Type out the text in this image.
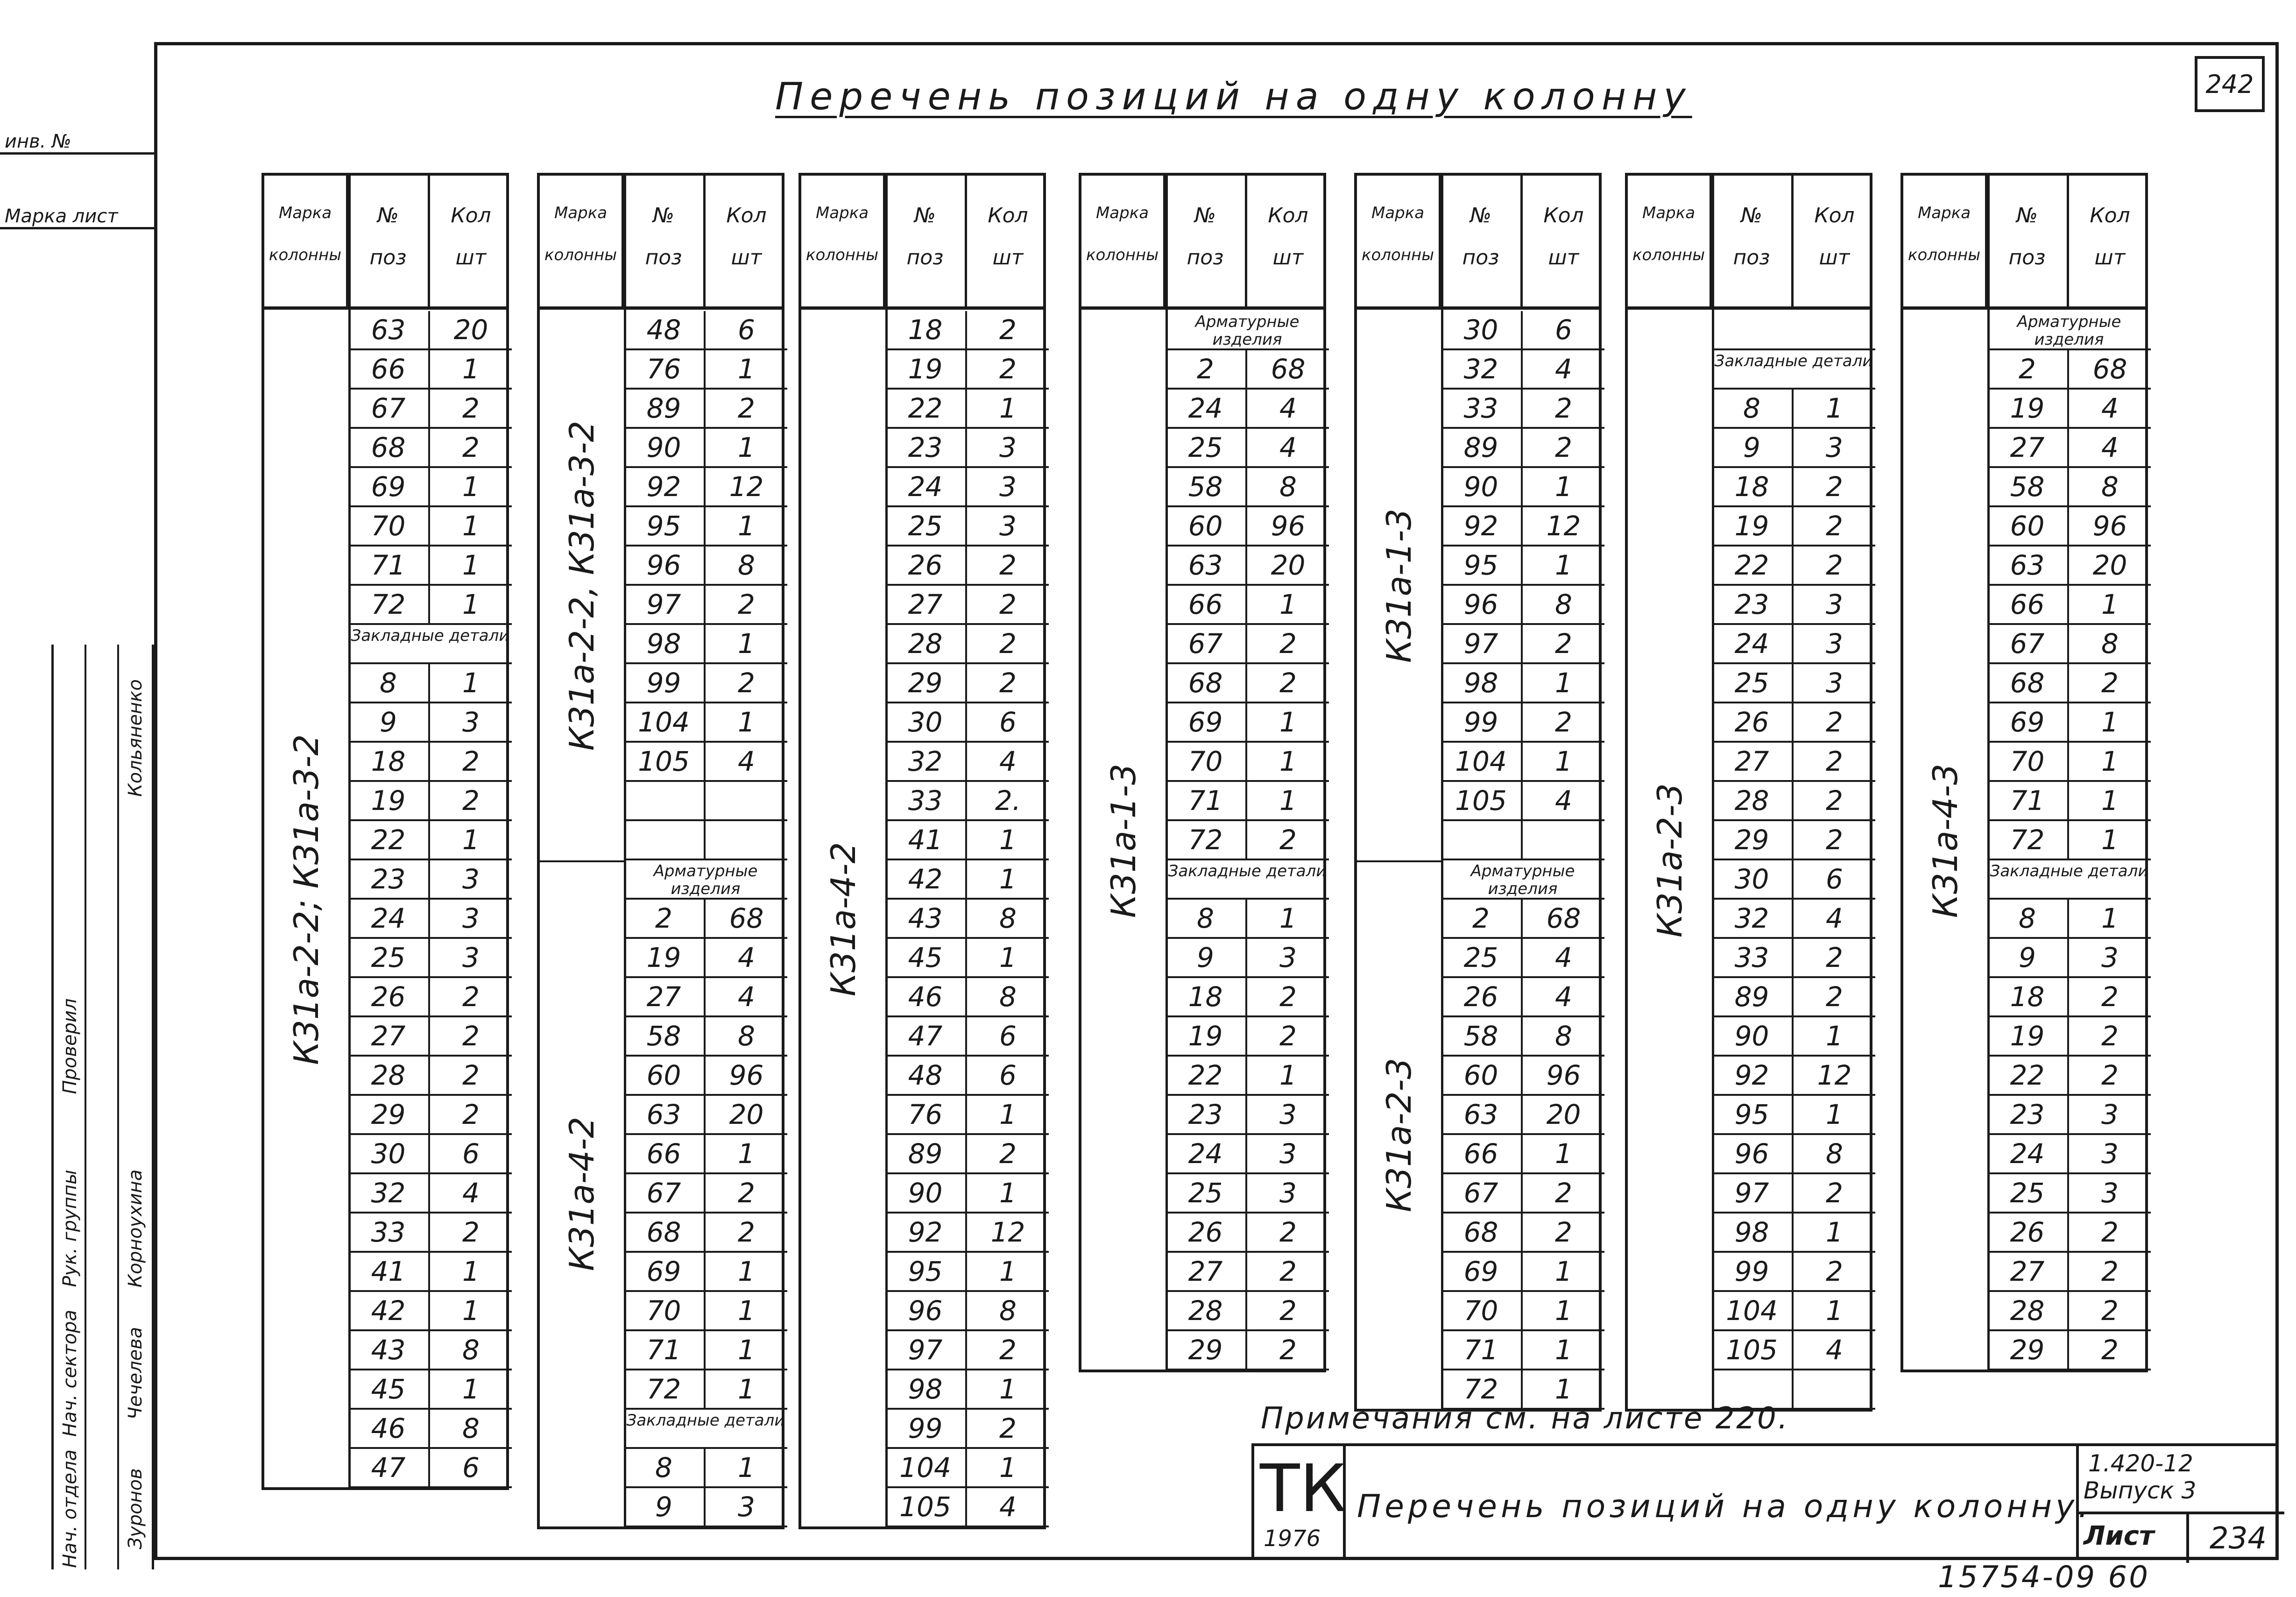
Перечень позиций на одну колонну	242
инв. №
Марка лист
Нач. отдела
Нач. сектора
Рук. группы
Проверил
Зуронов
Чечелева
Корноухина
Кольяненко
Марка
колонны
№
поз
Кол
шт
К31а-2-2; К31а-3-2
63	20
66	1
67	2
68	2
69	1
70	1
71	1
72	1
Закладные детали
8	1
9	3
18	2
19	2
22	1
23	3
24	3
25	3
26	2
27	2
28	2
29	2
30	6
32	4
33	2
41	1
42	1
43	8
45	1
46	8
47	6
Марка
колонны
№
поз
Кол
шт
К31а-2-2, К31а-3-2
48	6
76	1
89	2
90	1
92	12
95	1
96	8
97	2
98	1
99	2
104	1
105	4
К31а-4-2
Арматурные изделия
2	68
19	4
27	4
58	8
60	96
63	20
66	1
67	2
68	2
69	1
70	1
71	1
72	1
Закладные детали
8	1
9	3
Марка
колонны
№
поз
Кол
шт
К31а-4-2
18	2
19	2
22	1
23	3
24	3
25	3
26	2
27	2
28	2
29	2
30	6
32	4
33	2.
41	1
42	1
43	8
45	1
46	8
47	6
48	6
76	1
89	2
90	1
92	12
95	1
96	8
97	2
98	1
99	2
104	1
105	4
Марка
колонны
№
поз
Кол
шт
К31а-1-3
Арматурные изделия
2	68
24	4
25	4
58	8
60	96
63	20
66	1
67	2
68	2
69	1
70	1
71	1
72	2
Закладные детали
8	1
9	3
18	2
19	2
22	1
23	3
24	3
25	3
26	2
27	2
28	2
29	2
Марка
колонны
№
поз
Кол
шт
К31а-1-3
30	6
32	4
33	2
89	2
90	1
92	12
95	1
96	8
97	2
98	1
99	2
104	1
105	4
К31а-2-3
Арматурные изделия
2	68
25	4
26	4
58	8
60	96
63	20
66	1
67	2
68	2
69	1
70	1
71	1
72	1
Марка
колонны
№
поз
Кол
шт
К31а-2-3
Закладные детали
8	1
9	3
18	2
19	2
22	2
23	3
24	3
25	3
26	2
27	2
28	2
29	2
30	6
32	4
33	2
89	2
90	1
92	12
95	1
96	8
97	2
98	1
99	2
104	1
105	4
Марка
колонны
№
поз
Кол
шт
К31а-4-3
Арматурные изделия
2	68
19	4
27	4
58	8
60	96
63	20
66	1
67	8
68	2
69	1
70	1
71	1
72	1
Закладные детали
8	1
9	3
18	2
19	2
22	2
23	3
24	3
25	3
26	2
27	2
28	2
29	2
Примечания см. на листе 220.
ТК
1976
Перечень позиций на одну колонну.
1.420-12
Выпуск 3
Лист	234
15754-09 60
